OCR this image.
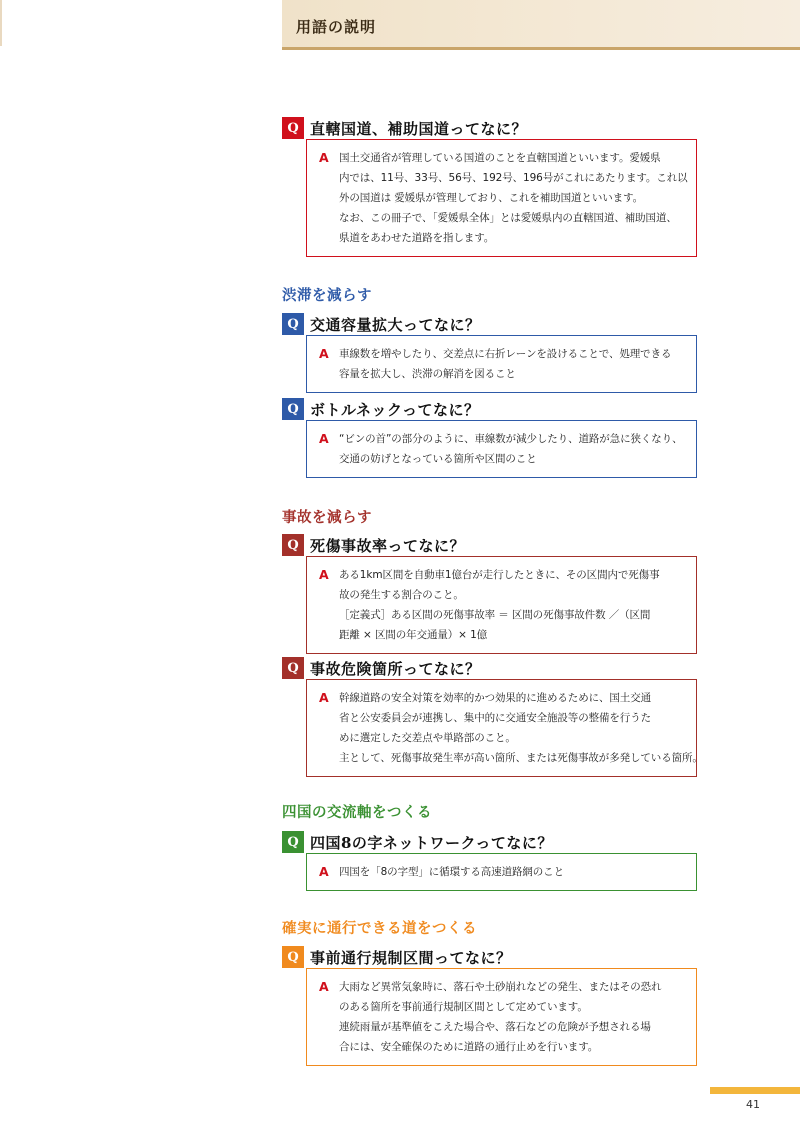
用語の説明
Q 直轄国道、補助国道ってなに？
A 国土交通省が管理している国道のことを直轄国道といいます。愛媛県
内では、11号、33号、56号、192号、196号がこれにあたります。これ以
外の国道は 愛媛県が管理しており、これを補助国道といいます。
なお、この冊子で、「愛媛県全体」とは愛媛県内の直轄国道、補助国道、
県道をあわせた道路を指します。
渋滞を減らす
Q 交通容量拡大ってなに？
A 車線数を増やしたり、交差点に右折レーンを設けることで、処理できる
容量を拡大し、渋滞の解消を図ること
Q ボトルネックってなに？
A “ビンの首”の部分のように、車線数が減少したり、道路が急に狭くなり、
交通の妨げとなっている箇所や区間のこと
事故を減らす
Q 死傷事故率ってなに？
A ある1km区間を自動車1億台が走行したときに、その区間内で死傷事
故の発生する割合のこと。
［定義式］ある区間の死傷事故率 ＝ 区間の死傷事故件数 ／（区間
距離 × 区間の年交通量）× 1億
Q 事故危険箇所ってなに？
A 幹線道路の安全対策を効率的かつ効果的に進めるために、国土交通
省と公安委員会が連携し、集中的に交通安全施設等の整備を行うた
めに選定した交差点や単路部のこと。
主として、死傷事故発生率が高い箇所、または死傷事故が多発している箇所。
四国の交流軸をつくる
Q 四国8の字ネットワークってなに？
A 四国を「8の字型」に循環する高速道路網のこと
確実に通行できる道をつくる
Q 事前通行規制区間ってなに？
A 大雨など異常気象時に、落石や土砂崩れなどの発生、またはその恐れ
のある箇所を事前通行規制区間として定めています。
連続雨量が基準値をこえた場合や、落石などの危険が予想される場
合には、安全確保のために道路の通行止めを行います。
41
